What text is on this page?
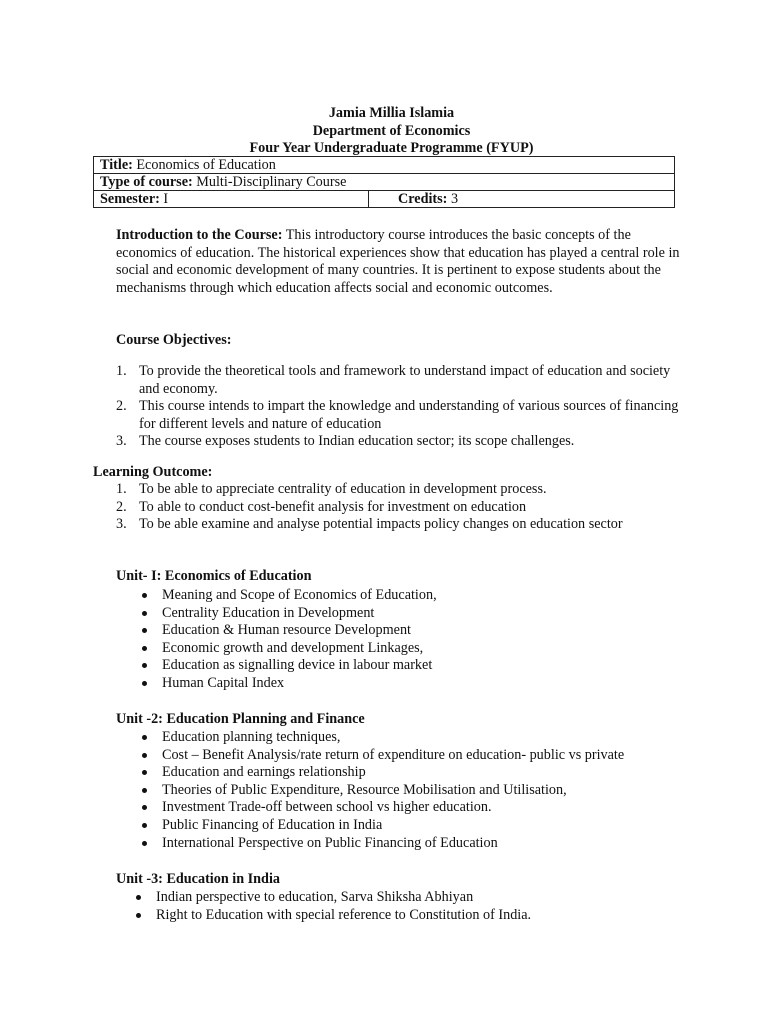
Jamia Millia Islamia
Department of Economics
Four Year Undergraduate Programme (FYUP)
Title: Economics of Education
Type of course: Multi-Disciplinary Course
Semester: I	Credits: 3

Introduction to the Course: This introductory course introduces the basic concepts of the economics of education. The historical experiences show that education has played a central role in social and economic development of many countries. It is pertinent to expose students about the mechanisms through which education affects social and economic outcomes.

Course Objectives:
1. To provide the theoretical tools and framework to understand impact of education and society and economy.
2. This course intends to impart the knowledge and understanding of various sources of financing for different levels and nature of education
3. The course exposes students to Indian education sector; its scope challenges.
Learning Outcome:
1. To be able to appreciate centrality of education in development process.
2. To able to conduct cost-benefit analysis for investment on education
3. To be able examine and analyse potential impacts policy changes on education sector
Unit- I: Economics of Education
Meaning and Scope of Economics of Education,
Centrality Education in Development
Education & Human resource Development
Economic growth and development Linkages,
Education as signalling device in labour market
Human Capital Index
Unit -2: Education Planning and Finance
Education planning techniques,
Cost – Benefit Analysis/rate return of expenditure on education- public vs private
Education and earnings relationship
Theories of Public Expenditure, Resource Mobilisation and Utilisation,
Investment Trade-off between school vs higher education.
Public Financing of Education in India
International Perspective on Public Financing of Education
Unit -3: Education in India
Indian perspective to education, Sarva Shiksha Abhiyan
Right to Education with special reference to Constitution of India.
